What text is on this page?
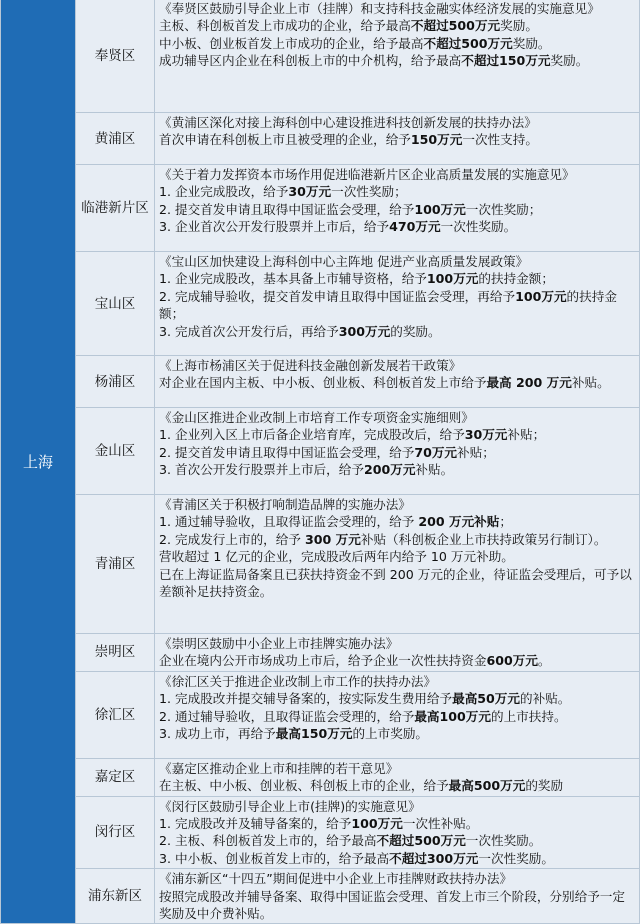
上海	奉贤区	《奉贤区鼓励引导企业上市（挂牌）和支持科技金融实体经济发展的实施意见》
主板、科创板首发上市成功的企业，给予最高不超过500万元奖励。
中小板、创业板首发上市成功的企业，给予最高不超过500万元奖励。
成功辅导区内企业在科创板上市的中介机构，给予最高不超过150万元奖励。

	黄浦区	《黄浦区深化对接上海科创中心建设推进科技创新发展的扶持办法》
首次申请在科创板上市且被受理的企业，给予150万元一次性支持。

	临港新片区	《关于着力发挥资本市场作用促进临港新片区企业高质量发展的实施意见》
1. 企业完成股改，给予30万元一次性奖励；
2. 提交首发申请且取得中国证监会受理，给予100万元一次性奖励；
3. 企业首次公开发行股票并上市后，给予470万元一次性奖励。

	宝山区	《宝山区加快建设上海科创中心主阵地 促进产业高质量发展政策》
1. 企业完成股改，基本具备上市辅导资格，给予100万元的扶持金额；
2. 完成辅导验收，提交首发申请且取得中国证监会受理，再给予100万元的扶持金额；
3. 完成首次公开发行后，再给予300万元的奖励。

	杨浦区	《上海市杨浦区关于促进科技金融创新发展若干政策》
对企业在国内主板、中小板、创业板、科创板首发上市给予最高 200 万元补贴。

	金山区	《金山区推进企业改制上市培育工作专项资金实施细则》
1. 企业列入区上市后备企业培育库，完成股改后，给予30万元补贴；
2. 提交首发申请且取得中国证监会受理，给予70万元补贴；
3. 首次公开发行股票并上市后，给予200万元补贴。

	青浦区	《青浦区关于积极打响制造品牌的实施办法》
1. 通过辅导验收，且取得证监会受理的，给予 200 万元补贴；
2. 完成发行上市的，给予 300 万元补贴（科创板企业上市扶持政策另行制订）。
营收超过 1 亿元的企业，完成股改后两年内给予 10 万元补助。
已在上海证监局备案且已获扶持资金不到 200 万元的企业，待证监会受理后，可予以差额补足扶持资金。

	崇明区	《崇明区鼓励中小企业上市挂牌实施办法》
企业在境内公开市场成功上市后，给予企业一次性扶持资金600万元。

	徐汇区	《徐汇区关于推进企业改制上市工作的扶持办法》
1. 完成股改并提交辅导备案的，按实际发生费用给予最高50万元的补贴。
2. 通过辅导验收，且取得证监会受理的，给予最高100万元的上市扶持。
3. 成功上市，再给予最高150万元的上市奖励。

	嘉定区	《嘉定区推动企业上市和挂牌的若干意见》
在主板、中小板、创业板、科创板上市的企业，给予最高500万元的奖励

	闵行区	《闵行区鼓励引导企业上市(挂牌)的实施意见》
1. 完成股改并及辅导备案的，给予100万元一次性补贴。
2. 主板、科创板首发上市的，给予最高不超过500万元一次性奖励。
3. 中小板、创业板首发上市的，给予最高不超过300万元一次性奖励。

	浦东新区	《浦东新区“十四五”期间促进中小企业上市挂牌财政扶持办法》
按照完成股改并辅导备案、取得中国证监会受理、首发上市三个阶段，分别给予一定奖励及中介费补贴。
